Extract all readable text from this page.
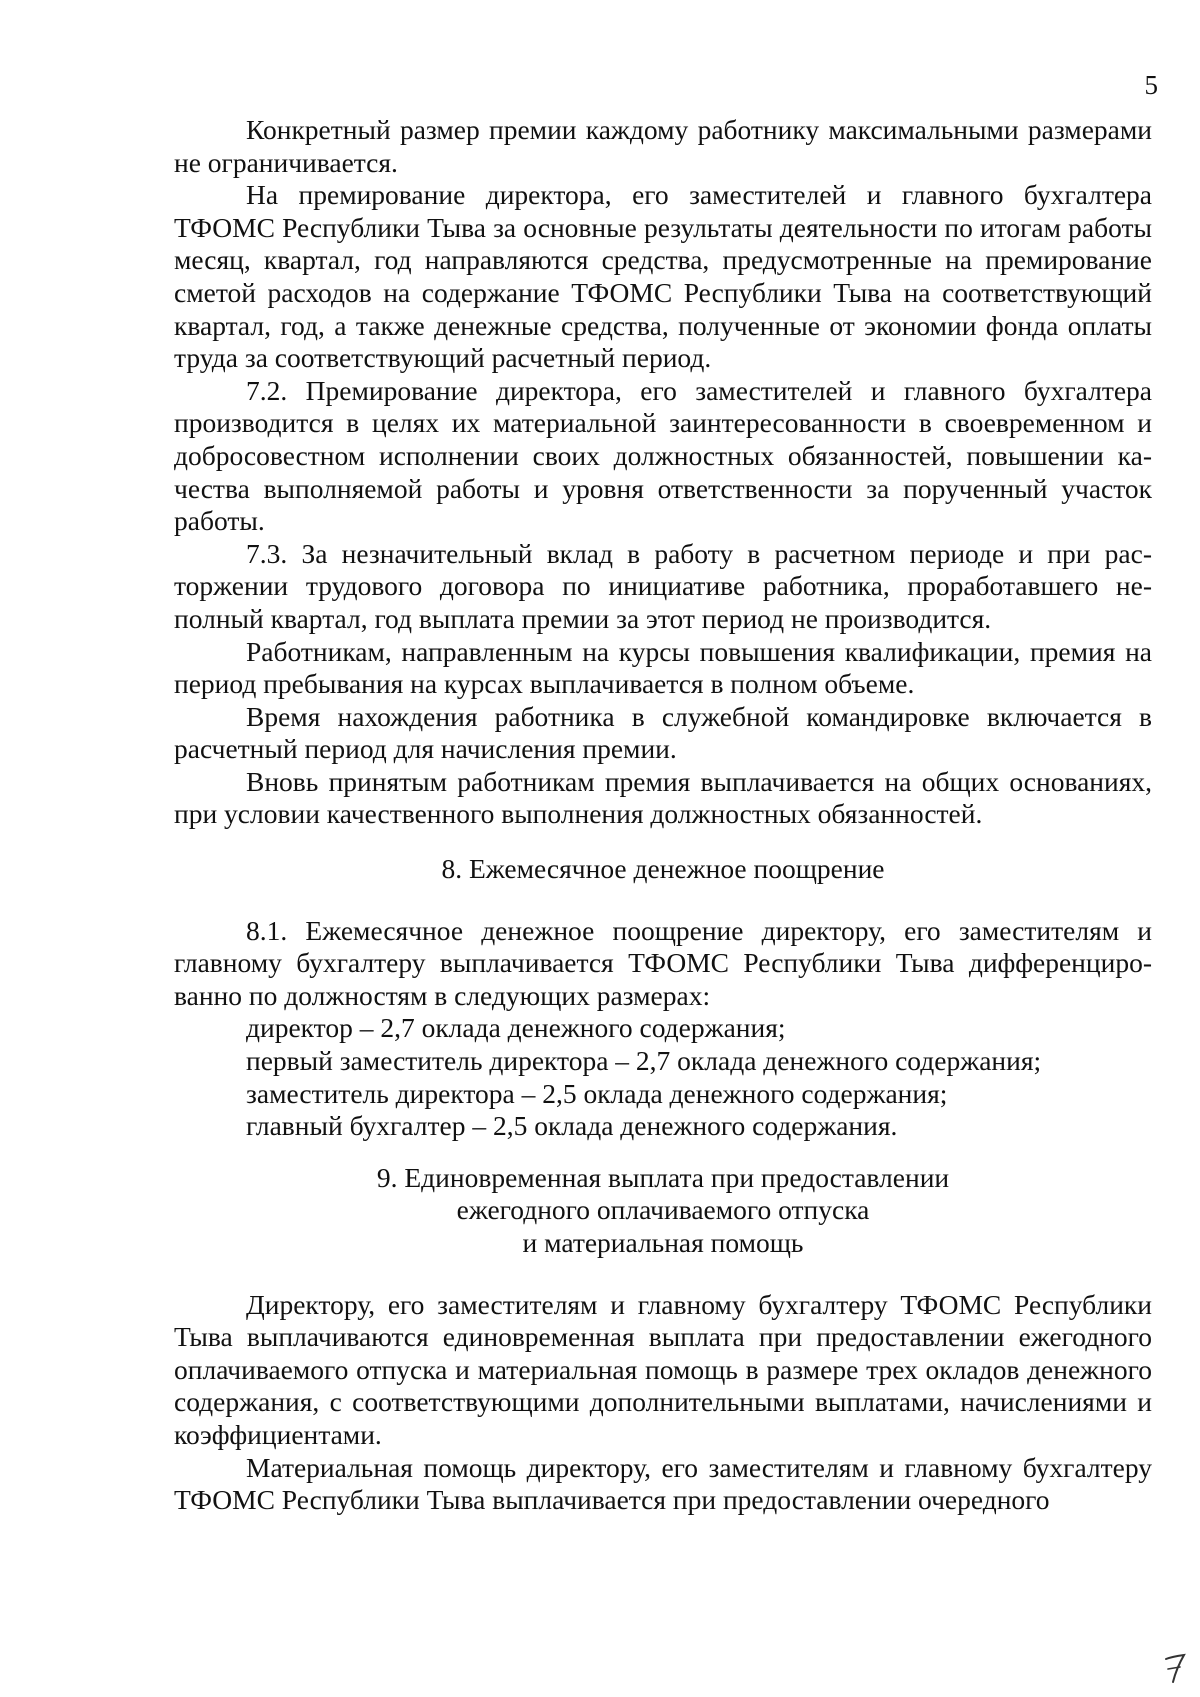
5

Конкретный размер премии каждому работнику максимальными размерами не ограничивается.

На премирование директора, его заместителей и главного бухгалтера ТФОМС Республики Тыва за основные результаты деятельности по итогам работы месяц, квартал, год направляются средства, предусмотренные на премирование сметой расходов на содержание ТФОМС Республики Тыва на соответствующий квартал, год, а также денежные средства, полученные от экономии фонда оплаты труда за соответствующий расчетный период.

7.2. Премирование директора, его заместителей и главного бухгалтера производится в целях их материальной заинтересованности в своевременном и добросовестном исполнении своих должностных обязанностей, повышении качества выполняемой работы и уровня ответственности за порученный участок работы.

7.3. За незначительный вклад в работу в расчетном периоде и при расторжении трудового договора по инициативе работника, проработавшего неполный квартал, год выплата премии за этот период не производится.

Работникам, направленным на курсы повышения квалификации, премия на период пребывания на курсах выплачивается в полном объеме.

Время нахождения работника в служебной командировке включается в расчетный период для начисления премии.

Вновь принятым работникам премия выплачивается на общих основаниях, при условии качественного выполнения должностных обязанностей.

8. Ежемесячное денежное поощрение

8.1. Ежемесячное денежное поощрение директору, его заместителям и главному бухгалтеру выплачивается ТФОМС Республики Тыва дифференцированно по должностям в следующих размерах:

директор – 2,7 оклада денежного содержания;
первый заместитель директора – 2,7 оклада денежного содержания;
заместитель директора – 2,5 оклада денежного содержания;
главный бухгалтер – 2,5 оклада денежного содержания.
9. Единовременная выплата при предоставлении
ежегодного оплачиваемого отпуска
и материальная помощь

Директору, его заместителям и главному бухгалтеру ТФОМС Республики Тыва выплачиваются единовременная выплата при предоставлении ежегодного оплачиваемого отпуска и материальная помощь в размере трех окладов денежного содержания, с соответствующими дополнительными выплатами, начислениями и коэффициентами.

Материальная помощь директору, его заместителям и главному бухгалтеру ТФОМС Республики Тыва выплачивается при предоставлении очередного
